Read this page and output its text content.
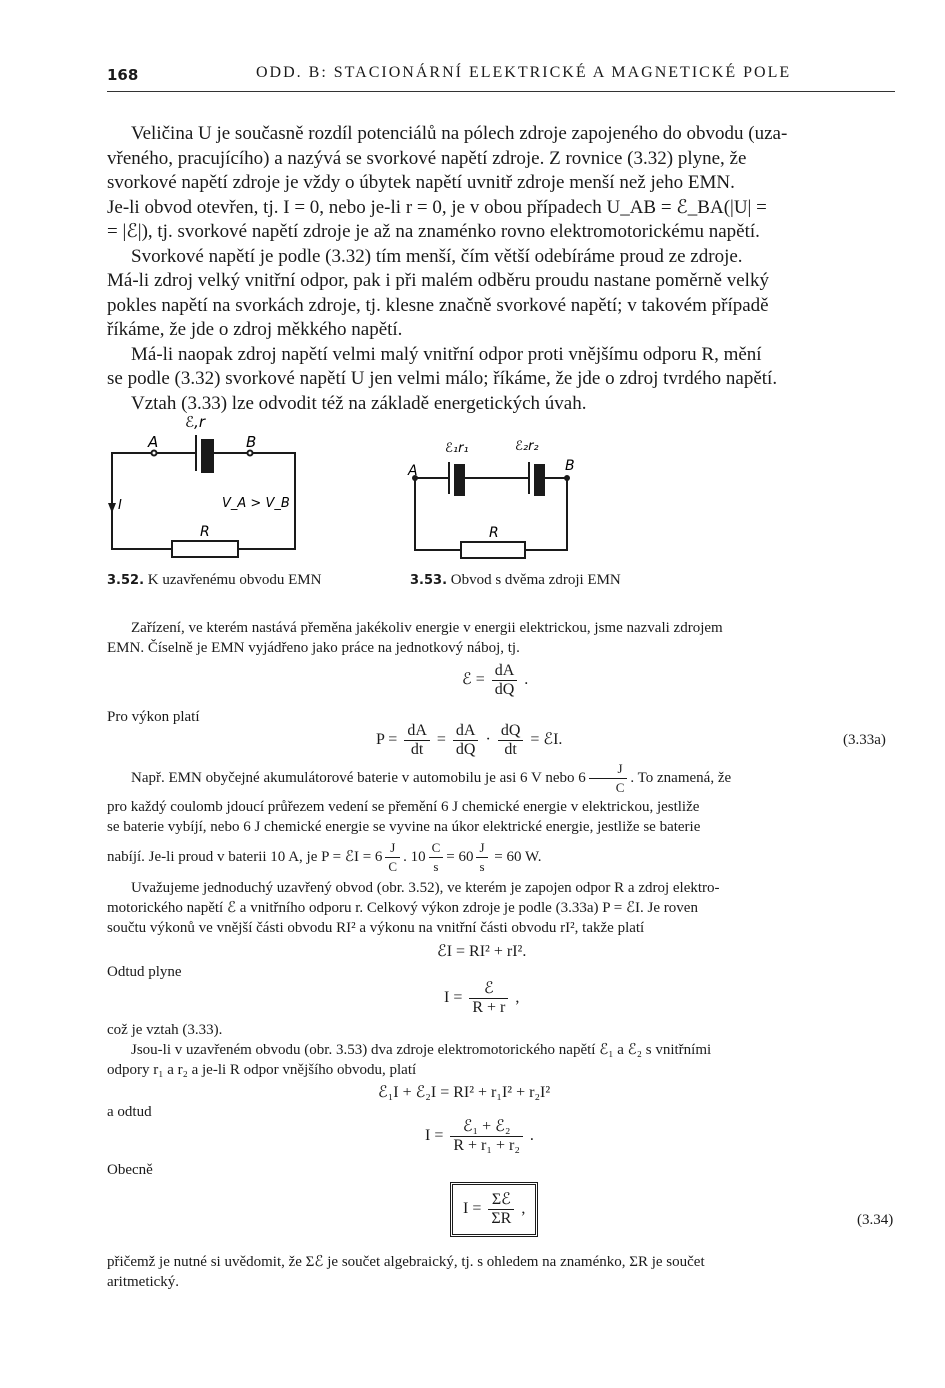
168	ODD. B: STACIONÁRNÍ ELEKTRICKÉ A MAGNETICKÉ POLE
Veličina U je současně rozdíl potenciálů na pólech zdroje zapojeného do obvodu (uza-
vřeného, pracujícího) a nazývá se svorkové napětí zdroje. Z rovnice (3.32) plyne, že
svorkové napětí zdroje je vždy o úbytek napětí uvnitř zdroje menší než jeho EMN.
Je-li obvod otevřen, tj. I = 0, nebo je-li r = 0, je v obou případech U_AB = ℰ_BA(|U| =
= |ℰ|), tj. svorkové napětí zdroje je až na znaménko rovno elektromotorickému napětí.
Svorkové napětí je podle (3.32) tím menší, čím větší odebíráme proud ze zdroje.
Má-li zdroj velký vnitřní odpor, pak i při malém odběru proudu nastane poměrně velký
pokles napětí na svorkách zdroje, tj. klesne značně svorkové napětí; v takovém případě
říkáme, že jde o zdroj měkkého napětí.
Má-li naopak zdroj napětí velmi malý vnitřní odpor proti vnějšímu odporu R, mění
se podle (3.32) svorkové napětí U jen velmi málo; říkáme, že jde o zdroj tvrdého napětí.
Vztah (3.33) lze odvodit též na základě energetických úvah.
ℰ,r
A	B
I	V_A > V_B
R
3.52. K uzavřenému obvodu EMN
ℰ₁r₁	ℰ₂r₂
A	B
R
3.53. Obvod s dvěma zdroji EMN
Zařízení, ve kterém nastává přeměna jakékoliv energie v energii elektrickou, jsme nazvali zdrojem
EMN. Číselně je EMN vyjádřeno jako práce na jednotkový náboj, tj.
ℰ = $\frac{dA}{dQ}$ .
Pro výkon platí
$P = \frac{dA}{dt} = \frac{dA}{dQ} \cdot \frac{dQ}{dt}$ = ℰI.	(3.33a)
Např. EMN obyčejné akumulátorové baterie v automobilu je asi 6 V nebo $6 \frac{J}{C}$ . To znamená, že
pro každý coulomb jdoucí průřezem vedení se přemění 6 J chemické energie v elektrickou, jestliže
se baterie vybíjí, nebo 6 J chemické energie se vyvine na úkor elektrické energie, jestliže se baterie
nabíjí. Je-li proud v baterii 10 A, je P = ℰI = $6 \frac{J}{C}$ . $10 \frac{C}{s} = 60 \frac{J}{s} = 60$ W.
Uvažujeme jednoduchý uzavřený obvod (obr. 3.52), ve kterém je zapojen odpor R a zdroj elektro-
motorického napětí ℰ a vnitřního odporu r. Celkový výkon zdroje je podle (3.33a) P = ℰI. Je roven
součtu výkonů ve vnější části obvodu RI² a výkonu na vnitřní části obvodu rI², takže platí
ℰI = RI² + rI².
Odtud plyne
$I = \frac{\text{ℰ}}{R + r}$ ,
což je vztah (3.33).
Jsou-li v uzavřeném obvodu (obr. 3.53) dva zdroje elektromotorického napětí ℰ₁ a ℰ₂ s vnitřními
odpory r₁ a r₂ a je-li R odpor vnějšího obvodu, platí
ℰ₁I + ℰ₂I = RI² + r₁I² + r₂I²
a odtud
$I = \frac{\text{ℰ₁ + ℰ₂}}{\text{R + r₁ + r₂}}$ .
Obecně
$I = \frac{\text{Σℰ}}{\Sigma R}$ ,
(3.34)
přičemž je nutné si uvědomit, že Σℰ je součet algebraický, tj. s ohledem na znaménko, ΣR je součet
aritmetický.
